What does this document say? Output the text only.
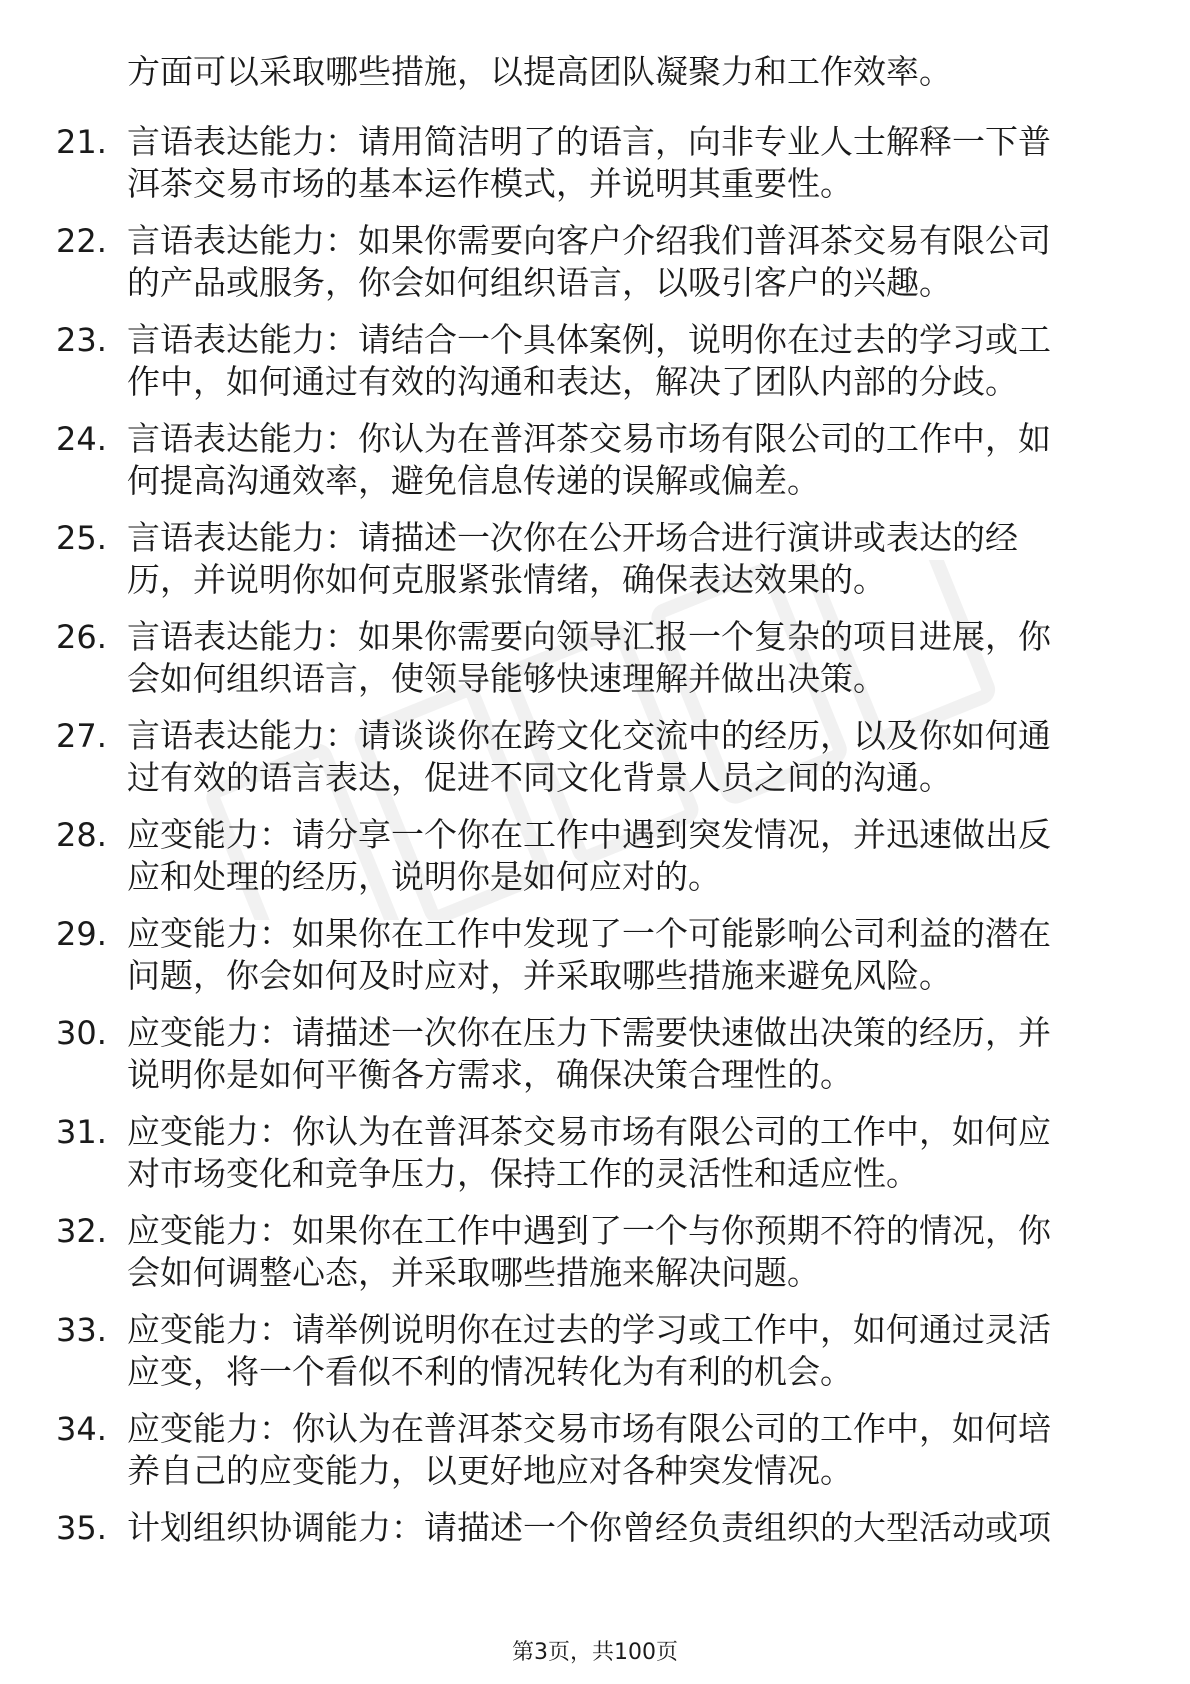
方面可以采取哪些措施，以提高团队凝聚力和工作效率。
21. 言语表达能力：请用简洁明了的语言，向非专业人士解释一下普
洱茶交易市场的基本运作模式，并说明其重要性。
22. 言语表达能力：如果你需要向客户介绍我们普洱茶交易有限公司
的产品或服务，你会如何组织语言，以吸引客户的兴趣。
23. 言语表达能力：请结合一个具体案例，说明你在过去的学习或工
作中，如何通过有效的沟通和表达，解决了团队内部的分歧。
24. 言语表达能力：你认为在普洱茶交易市场有限公司的工作中，如
何提高沟通效率，避免信息传递的误解或偏差。
25. 言语表达能力：请描述一次你在公开场合进行演讲或表达的经
历，并说明你如何克服紧张情绪，确保表达效果的。
26. 言语表达能力：如果你需要向领导汇报一个复杂的项目进展，你
会如何组织语言，使领导能够快速理解并做出决策。
27. 言语表达能力：请谈谈你在跨文化交流中的经历，以及你如何通
过有效的语言表达，促进不同文化背景人员之间的沟通。
28. 应变能力：请分享一个你在工作中遇到突发情况，并迅速做出反
应和处理的经历，说明你是如何应对的。
29. 应变能力：如果你在工作中发现了一个可能影响公司利益的潜在
问题，你会如何及时应对，并采取哪些措施来避免风险。
30. 应变能力：请描述一次你在压力下需要快速做出决策的经历，并
说明你是如何平衡各方需求，确保决策合理性的。
31. 应变能力：你认为在普洱茶交易市场有限公司的工作中，如何应
对市场变化和竞争压力，保持工作的灵活性和适应性。
32. 应变能力：如果你在工作中遇到了一个与你预期不符的情况，你
会如何调整心态，并采取哪些措施来解决问题。
33. 应变能力：请举例说明你在过去的学习或工作中，如何通过灵活
应变，将一个看似不利的情况转化为有利的机会。
34. 应变能力：你认为在普洱茶交易市场有限公司的工作中，如何培
养自己的应变能力，以更好地应对各种突发情况。
35. 计划组织协调能力：请描述一个你曾经负责组织的大型活动或项
第3页，共100页
